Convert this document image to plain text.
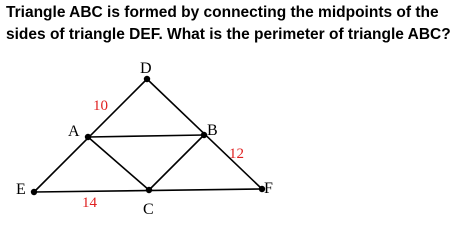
Triangle ABC is formed by connecting the midpoints of the
sides of triangle DEF. What is the perimeter of triangle ABC?
D
A	B
C
E	F
10
12
14
